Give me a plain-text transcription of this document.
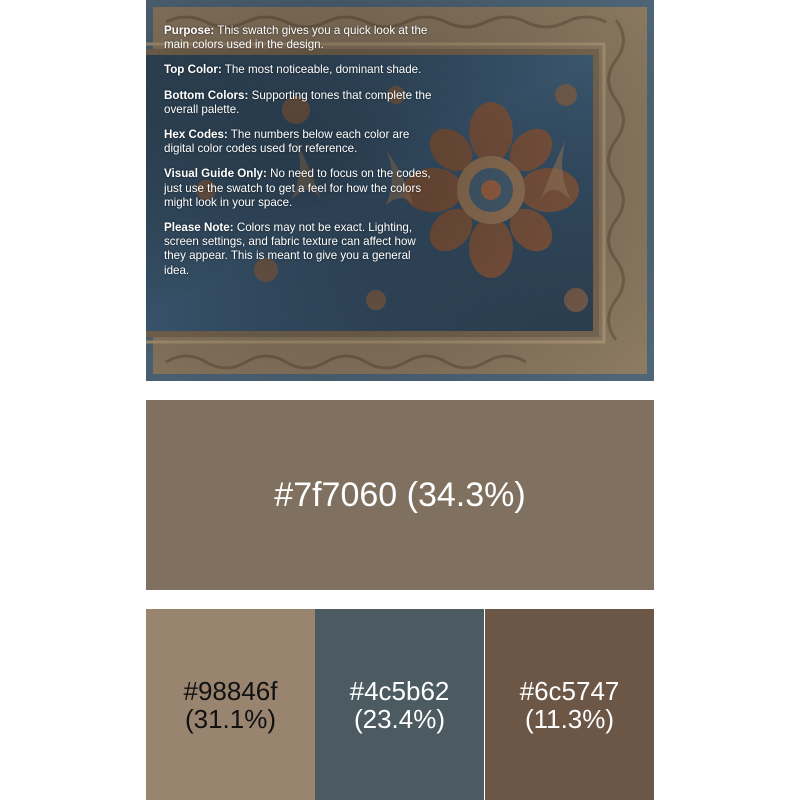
Purpose: This swatch gives you a quick look at the main colors used in the design.

Top Color: The most noticeable, dominant shade.

Bottom Colors: Supporting tones that complete the overall palette.

Hex Codes: The numbers below each color are digital color codes used for reference.

Visual Guide Only: No need to focus on the codes, just use the swatch to get a feel for how the colors might look in your space.

Please Note: Colors may not be exact. Lighting, screen settings, and fabric texture can affect how they appear. This is meant to give you a general idea.

#7f7060 (34.3%)
#98846f
(31.1%)
#4c5b62
(23.4%)
#6c5747
(11.3%)
